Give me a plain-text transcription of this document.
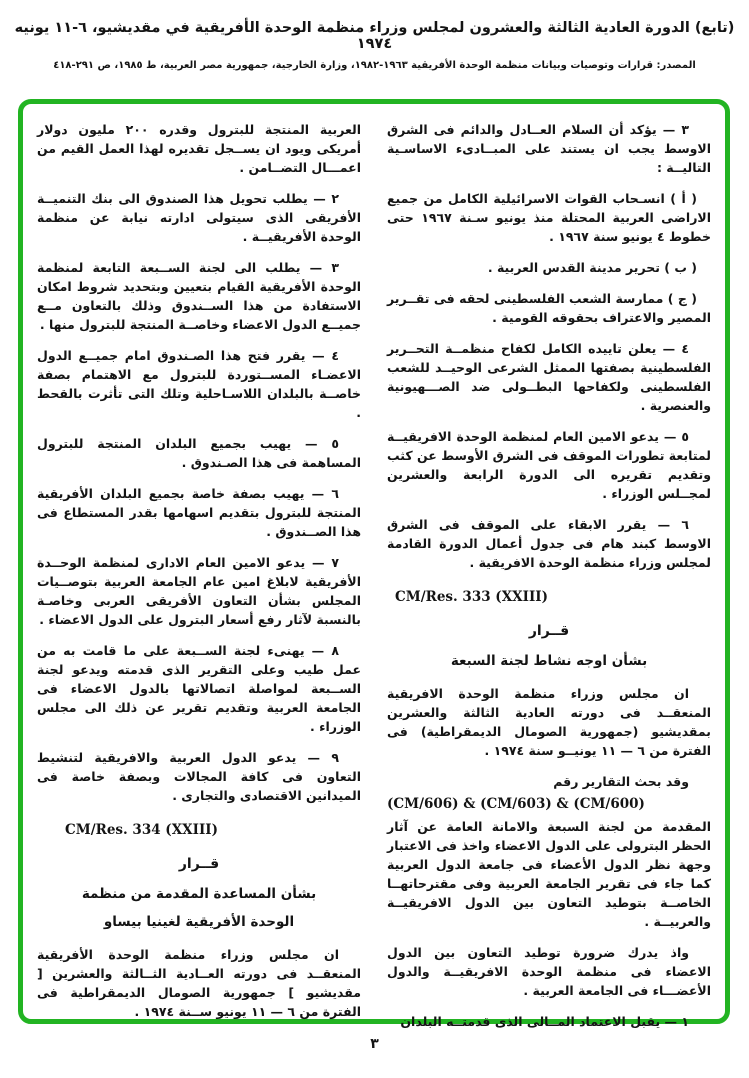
(تابع) الدورة العادية الثالثة والعشرون لمجلس وزراء منظمة الوحدة الأفريقية في مقديشيو، ٦-١١ يونيه ١٩٧٤
المصدر: قرارات وتوصيات وبيانات منظمة الوحدة الأفريقية ١٩٦٣-١٩٨٢، وزارة الخارجية، جمهورية مصر العربية، ط ١٩٨٥، ص ٢٩١-٤١٨

٣ — يؤكد أن السلام العــادل والدائم فى الشرق الاوسط يجب ان يستند على المبــادىء الاساسـية التاليــة :

( أ ) انسـحاب القوات الاسرائيلية الكامل من جميع الاراضى العربية المحتلة منذ يونيو سـنة ١٩٦٧ حتى خطوط ٤ يونيو سنة ١٩٦٧ .

( ب ) تحرير مدينة القدس العربية .

( ج ) ممارسة الشعب الفلسطينى لحقه فى تقــرير المصير والاعتراف بحقوقه القومية .

٤ — يعلن تاييده الكامل لكفاح منظمــة التحــرير الفلسطينية بصفتها الممثل الشرعى الوحيــد للشعب الفلسطينى ولكفاحها البطــولى ضد الصـــهيونية والعنصرية .

٥ — يدعو الامين العام لمنظمة الوحدة الافريقيــة لمتابعة تطورات الموقف فى الشرق الأوسط عن كثب وتقديم تقريره الى الدورة الرابعة والعشرين لمجــلس الوزراء .

٦ — يقرر الابقاء على الموقف فى الشرق الاوسط كبند هام فى جدول أعمال الدورة القادمة لمجلس وزراء منظمة الوحدة الافريقية .

CM/Res. 333 (XXIII)

قــرار

بشأن اوجه نشاط لجنة السبعة

ان مجلس وزراء منظمة الوحدة الافريقية المنعقــد فى دورته العادية الثالثة والعشرين بمقديشيو (جمهورية الصومال الديمقراطية) فى الفترة من ٦ — ١١ يونيــو سنة ١٩٧٤ .

وقد بحث التقارير رقم

(CM/606) & (CM/603) & (CM/600)

المقدمة من لجنة السبعة والامانة العامة عن آثار الحظر البترولى على الدول الاعضاء واخذ فى الاعتبار وجهة نظر الدول الأعضاء فى جامعة الدول العربية كما جاء فى تقرير الجامعة العربية وفى مقترحاتهــا الخاصــة بتوطيد التعاون بين الدول الافريقيــة والعربيــة .

واذ يدرك ضرورة توطيد التعاون بين الدول الاعضاء فى منظمة الوحدة الافريقيــة والدول الأعضـــاء فى الجامعة العربية .

١ — يقبل الاعتماد المــالى الذى قدمتــه البلدان

العربية المنتجة للبترول وقدره ٢٠٠ مليون دولار أمريكى ويود ان يســجل تقديره لهذا العمل القيم من اعمـــال التضــامن .

٢ — يطلب تحويل هذا الصندوق الى بنك التنميــة الأفريقى الذى سيتولى ادارته نيابة عن منظمة الوحدة الأفريقيــة .

٣ — يطلب الى لجنة الســبعة التابعة لمنظمة الوحدة الأفريقية القيام بتعيين وبتحديد شروط امكان الاستفادة من هذا الســندوق وذلك بالتعاون مــع جميــع الدول الاعضاء وخاصــة المنتجة للبترول منها .

٤ — يقرر فتح هذا الصـندوق امام جميــع الدول الاعضـاء المســتوردة للبترول مع الاهتمام بصفة خاصــة بالبلدان اللاسـاحلية وتلك التى تأثرت بالقحط .

٥ — يهيب بجميع البلدان المنتجة للبترول المساهمة فى هذا الصـندوق .

٦ — يهيب بصفة خاصة بجميع البلدان الأفريقية المنتجة للبترول بتقديم اسهامها بقدر المستطاع فى هذا الصــندوق .

٧ — يدعو الامين العام الادارى لمنظمة الوحــدة الأفريقية لابلاغ امين عام الجامعة العربية بتوصــيات المجلس بشأن التعاون الأفريقى العربى وخاصـة بالنسبة لآثار رفع أسعار البترول على الدول الاعضاء .

٨ — يهنىء لجنة الســبعة على ما قامت به من عمل طيب وعلى التقرير الذى قدمته ويدعو لجنة الســبعة لمواصلة اتصالاتها بالدول الاعضاء فى الجامعة العربية وتقديم تقرير عن ذلك الى مجلس الوزراء .

٩ — يدعو الدول العربية والافريقية لتنشيط التعاون فى كافة المجالات وبصفة خاصة فى الميدانين الاقتصادى والتجارى .

CM/Res. 334 (XXIII)

قــرار

بشأن المساعدة المقدمة من منظمة

الوحدة الأفريقية لغينيا بيساو

ان مجلس وزراء منظمة الوحدة الأفريقية المنعقــد فى دورته العــادية الثــالثة والعشرين [ مقديشيو ] جمهورية الصومال الديمقراطية فى الفترة من ٦ — ١١ يونيو ســنة ١٩٧٤ .

٣
